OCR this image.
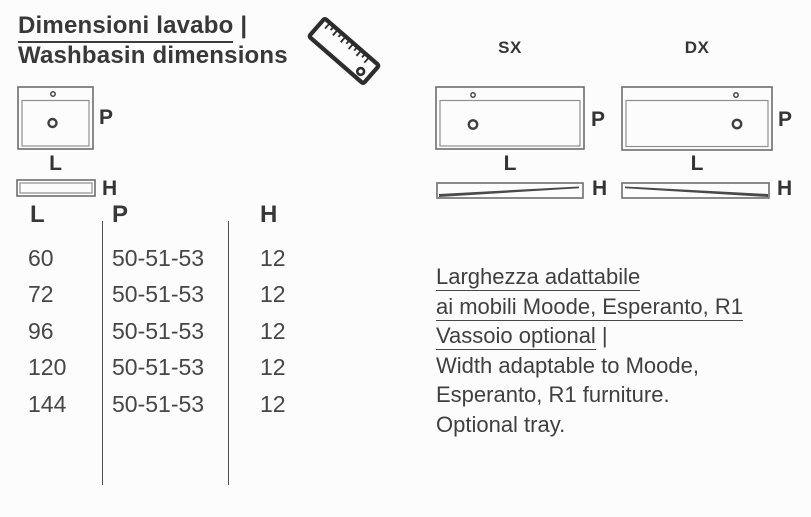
Dimensioni lavabo |
Washbasin dimensions	SX	DX
P
L
H
P
L
H
P
L
H
L	P	H
60	50-51-53 12
72	50-51-53 12
96	50-51-53 12
120 50-51-53 12
144 50-51-53 12
Larghezza adattabile
ai mobili Moode, Esperanto, R1
Vassoio optional |
Width adaptable to Moode,
Esperanto, R1 furniture.
Optional tray.
